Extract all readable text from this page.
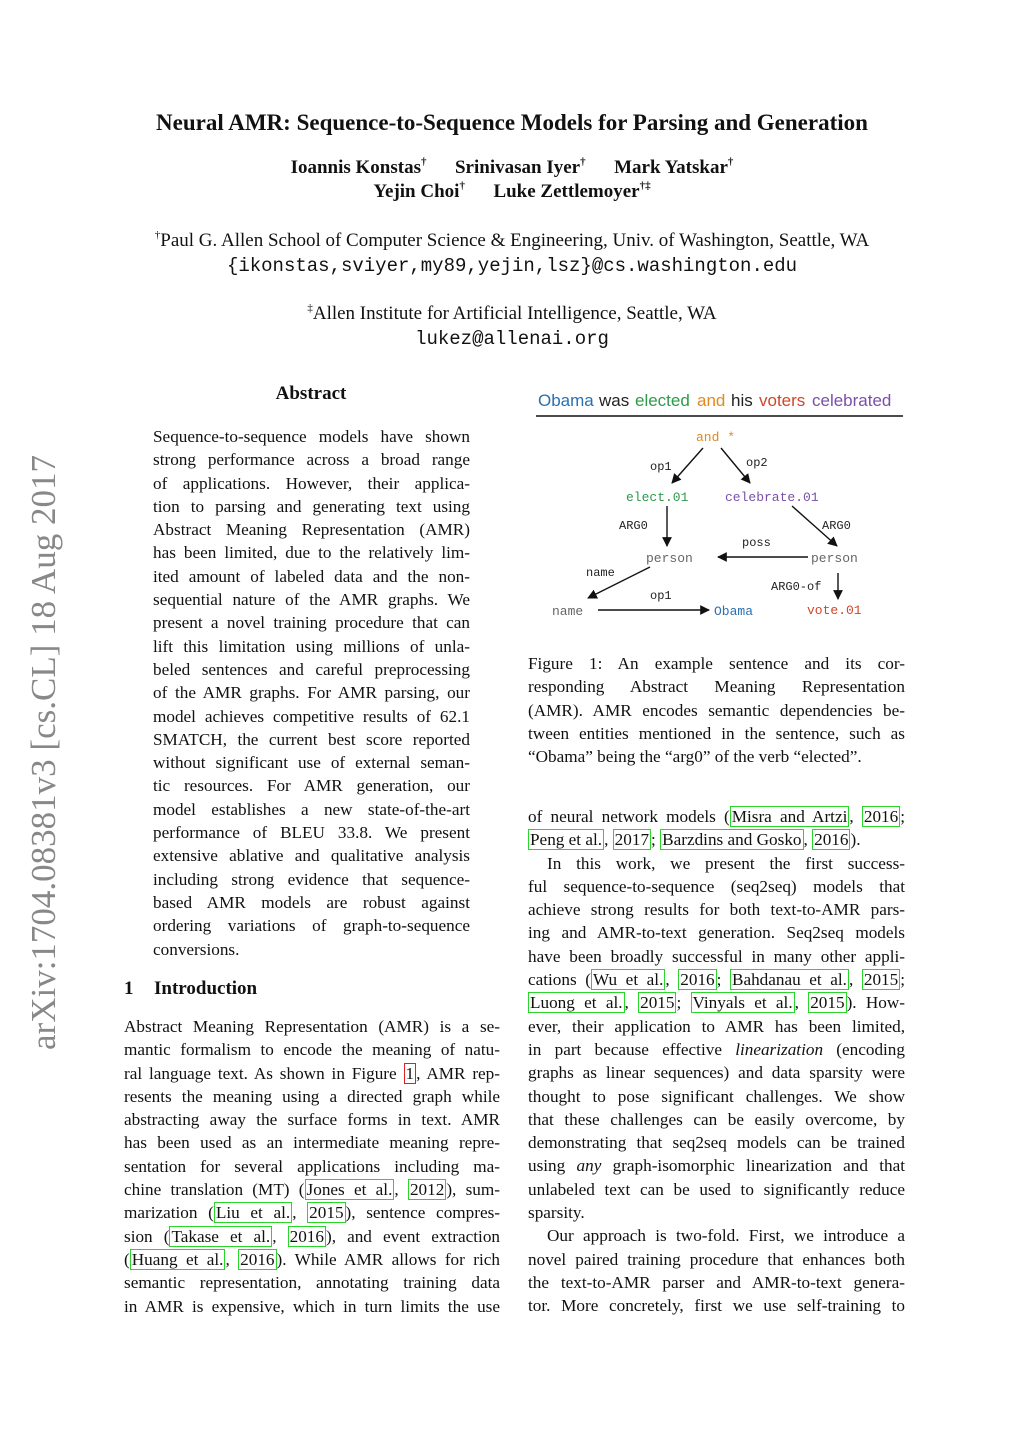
Neural AMR: Sequence-to-Sequence Models for Parsing and Generation
Ioannis Konstas† Srinivasan Iyer† Mark Yatskar†
Yejin Choi† Luke Zettlemoyer†‡
†Paul G. Allen School of Computer Science & Engineering, Univ. of Washington, Seattle, WA
{ikonstas,sviyer,my89,yejin,lsz}@cs.washington.edu
‡Allen Institute for Artificial Intelligence, Seattle, WA
lukez@allenai.org
arXiv:1704.08381v3 [cs.CL] 18 Aug 2017
Abstract
Sequence-to-sequence models have shown
strong performance across a broad range
of applications. However, their applica-
tion to parsing and generating text using
Abstract Meaning Representation (AMR)
has been limited, due to the relatively lim-
ited amount of labeled data and the non-
sequential nature of the AMR graphs. We
present a novel training procedure that can
lift this limitation using millions of unla-
beled sentences and careful preprocessing
of the AMR graphs. For AMR parsing, our
model achieves competitive results of 62.1
SMATCH, the current best score reported
without significant use of external seman-
tic resources. For AMR generation, our
model establishes a new state-of-the-art
performance of BLEU 33.8. We present
extensive ablative and qualitative analysis
including strong evidence that sequence-
based AMR models are robust against
ordering variations of graph-to-sequence
conversions.
1 Introduction
Abstract Meaning Representation (AMR) is a se-
mantic formalism to encode the meaning of natu-
ral language text. As shown in Figure 1 , AMR rep-
resents the meaning using a directed graph while
abstracting away the surface forms in text. AMR
has been used as an intermediate meaning repre-
sentation for several applications including ma-
chine translation (MT) ( Jones et al. , 2012 ), sum-
marization ( Liu et al. , 2015 ), sentence compres-
sion ( Takase et al. , 2016 ), and event extraction
( Huang et al. , 2016 ). While AMR allows for rich
semantic representation, annotating training data
in AMR is expensive, which in turn limits the use
Obama was elected and his voters celebrated
and *
elect.01	celebrate.01
person	person
name	Obama	vote.01
op1	op2
ARG0	ARG0
poss
name
op1
ARG0-of
Figure 1: An example sentence and its cor-
responding Abstract Meaning Representation
(AMR). AMR encodes semantic dependencies be-
tween entities mentioned in the sentence, such as
“Obama” being the “arg0” of the verb “elected”.
of neural network models ( Misra and Artzi , 2016 ;
Peng et al. , 2017 ; Barzdins and Gosko , 2016 ).
In this work, we present the first success-
ful sequence-to-sequence (seq2seq) models that
achieve strong results for both text-to-AMR pars-
ing and AMR-to-text generation. Seq2seq models
have been broadly successful in many other appli-
cations ( Wu et al. , 2016 ; Bahdanau et al. , 2015 ;
Luong et al. , 2015 ; Vinyals et al. , 2015 ). How-
ever, their application to AMR has been limited,
in part because effective linearization (encoding
graphs as linear sequences) and data sparsity were
thought to pose significant challenges. We show
that these challenges can be easily overcome, by
demonstrating that seq2seq models can be trained
using any graph-isomorphic linearization and that
unlabeled text can be used to significantly reduce
sparsity.
Our approach is two-fold. First, we introduce a
novel paired training procedure that enhances both
the text-to-AMR parser and AMR-to-text genera-
tor. More concretely, first we use self-training to
